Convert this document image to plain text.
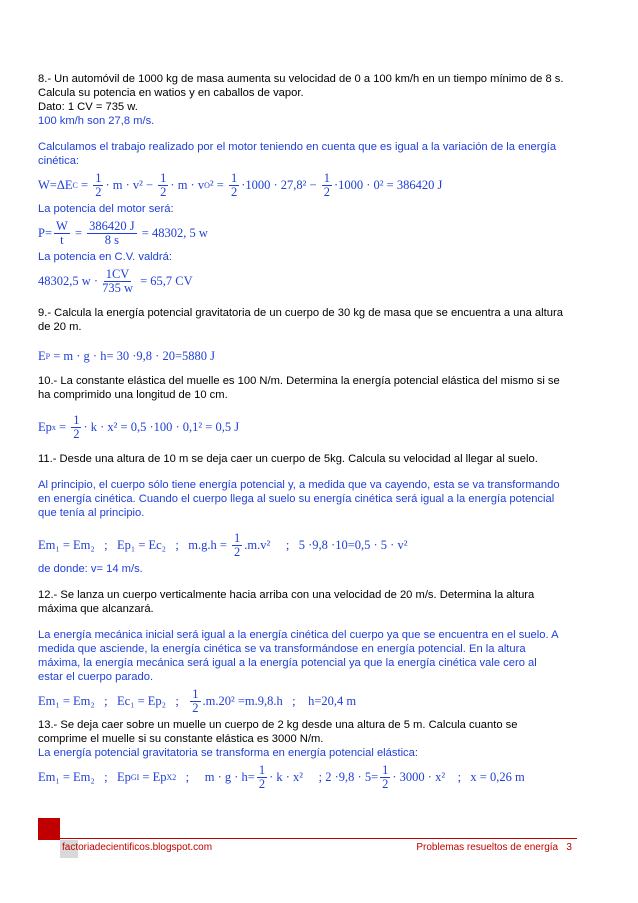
8.- Un automóvil de 1000 kg de masa aumenta su velocidad de 0 a 100 km/h en un tiempo mínimo de 8 s.

Calcula su potencia en watios y en caballos de vapor.

Dato: 1 CV = 735 w.

100 km/h son 27,8 m/s.

Calculamos el trabajo realizado por el motor teniendo en cuenta que es igual a la variación de la energía

cinética:

W=ΔE $C = \frac{1}{2} \cdot m \cdot v^2 - \frac{1}{2} \cdot m \cdot v$ O $^2 = \frac{1}{2} \cdot 1000 \cdot 27,8^2 - \frac{1}{2} \cdot 1000 \cdot 0^2 = 386420$ J

La potencia del motor será:

$P= \frac{W}{t} = \frac{386420 J}{8 s} = 48302$, 5 w

La potencia en C.V. valdrá:

48302,5 $w \cdot \frac{1CV}{735 w} = 65,7$ CV

9.- Calcula la energía potencial gravitatoria de un cuerpo de 30 kg de masa que se encuentra a una altura

de 20 m.

E P = m · g · h= 30 ·9,8 · 20=5880 J

10.- La constante elástica del muelle es 100 N/m. Determina la energía potencial elástica del mismo si se

ha comprimido una longitud de 10 cm.

Ep $x = \frac{1}{2} \cdot k \cdot x^2 = 0,5 \cdot 100 \cdot 0,1^2 = 0,5$ J

11.- Desde una altura de 10 m se deja caer un cuerpo de 5kg. Calcula su velocidad al llegar al suelo.

Al principio, el cuerpo sólo tiene energía potencial y, a medida que va cayendo, esta se va transformando

en energía cinética. Cuando el cuerpo llega al suelo su energía cinética será igual a la energía potencial

que tenía al principio.

Em₁ = Em₂   ;   Ep₁ = Ec₂   ;   $m.g.h = \frac{1}{2} .m.v^2$     ;   5 ·9,8 ·10=0,5 · 5 · v²

de donde: v= 14 m/s.

12.- Se lanza un cuerpo verticalmente hacia arriba con una velocidad de 20 m/s. Determina la altura

máxima que alcanzará.

La energía mecánica inicial será igual a la energía cinética del cuerpo ya que se encuentra en el suelo. A

medida que asciende, la energía cinética se va transformándose en energía potencial. En la altura

máxima, la energía mecánica será igual a la energía potencial ya que la energía cinética vale cero al

estar el cuerpo parado.

Em₁ = Em₂   ;   Ec₁ = Ep₂   ; $\frac{1}{2} .m.20^2 =m.9,8.h$   ;    h=20,4 m

13.- Se deja caer sobre un muelle un cuerpo de 2 kg desde una altura de 5 m. Calcula cuanto se

comprime el muelle si su constante elástica es 3000 N/m.

La energía potencial gravitatoria se transforma en energía potencial elástica:

Em₁ = Em₂   ;   Ep GI = Ep X2 ;     $m \cdot g \cdot h= \frac{1}{2} \cdot k \cdot x^2$     ; $2 \cdot 9,8 \cdot 5= \frac{1}{2} \cdot 3000 \cdot x^2$    ;   x = 0,26 m
factoriadecientificos.blogspot.com	Problemas resueltos de energía   3
